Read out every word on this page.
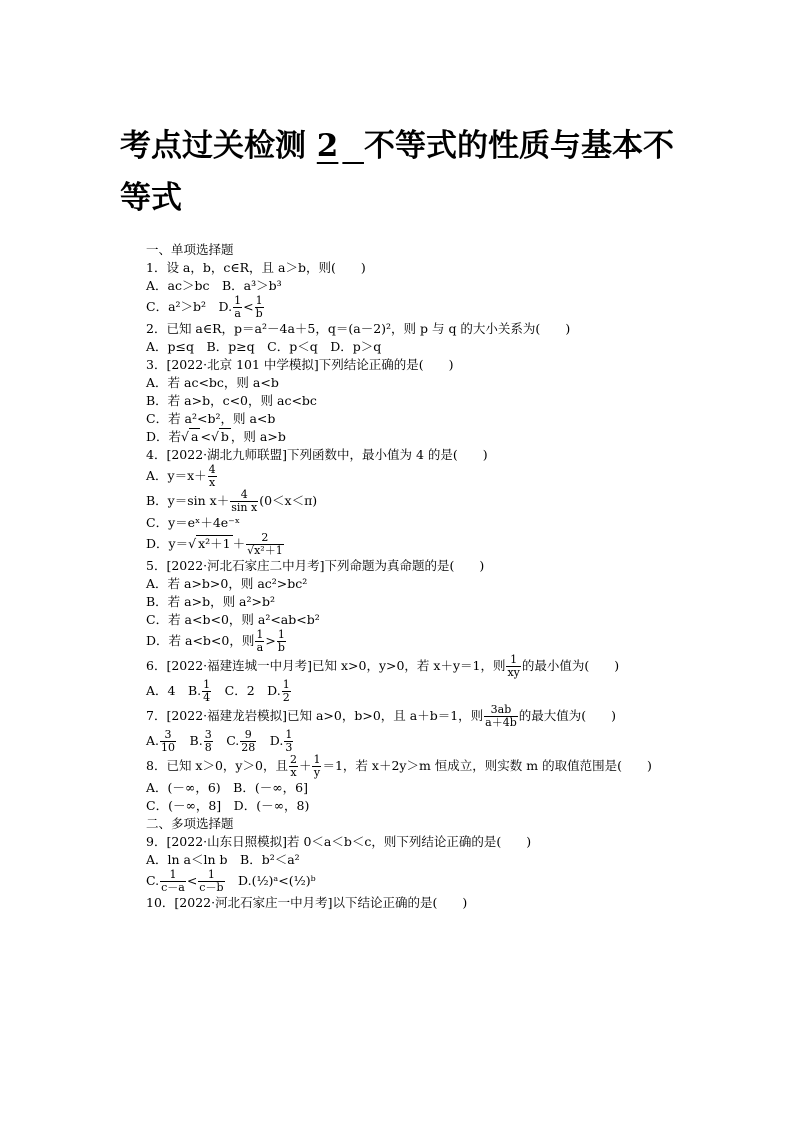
考点过关检测 2 不等式的性质与基本不等式
一、单项选择题
1．设 a，b，c∈R，且 a＞b，则(　　)
A．ac＞bc　B．a³＞b³
C．a²＞b²　D. $\frac{1}{a} < \frac{1}{b}$
2．已知 a∈R，p＝a²－4a＋5，q＝(a－2)²，则 p 与 q 的大小关系为(　　)
A．p≤q　B．p≥q　C．p＜q　D．p＞q
3．[2022·北京 101 中学模拟]下列结论正确的是(　　)
A．若 ac<bc，则 a<b
B．若 a>b，c<0，则 ac<bc
C．若 a²<b²，则 a<b
D．若√ a <√ b ，则 a>b
4．[2022·湖北九师联盟]下列函数中，最小值为 4 的是(　　)
A．$y=x+ \frac{4}{x}$
B．y＝sin $x+ \frac{4}{\text{sin x}} (0<x<\pi)$
C．y＝eˣ＋4e⁻ˣ
D．y＝√ $x^2+1 + \frac{2}{\text{√x²＋1}}$
5．[2022·河北石家庄二中月考]下列命题为真命题的是(　　)
A．若 a>b>0，则 ac²>bc²
B．若 a>b，则 a²>b²
C．若 a<b<0，则 a²<ab<b²
D．若 a<b<0，则 $\frac{1}{a} > \frac{1}{b}$
6．[2022·福建连城一中月考]已知 x>0，y>0，若 x＋y＝1，则 $\frac{1}{xy}$ 的最小值为(　　)
A．4　B. $\frac{1}{4}$ 　C．2　D. $\frac{1}{2}$
7．[2022·福建龙岩模拟]已知 a>0，b>0，且 a＋b＝1，则 $\frac{3ab}{a+4b}$ 的最大值为(　　)
A. $\frac{3}{10}$ 　B. $\frac{3}{8}$ 　C. $\frac{9}{28}$ 　D. $\frac{1}{3}$
8．已知 x＞0，y＞0，且 $\frac{2}{x} + \frac{1}{y} =1$，若 x＋2y＞m 恒成立，则实数 m 的取值范围是(　　)
A．(－∞，6)　B．(－∞，6]
C．(－∞，8]　D．(－∞，8)
二、多项选择题
9．[2022·山东日照模拟]若 0＜a＜b＜c，则下列结论正确的是(　　)
A．ln a＜ln b　B．b²＜a²
C. $\frac{1}{c-a} < \frac{1}{c-b}$ 　D.(½)ᵃ<(½)ᵇ
10．[2022·河北石家庄一中月考]以下结论正确的是(　　)
